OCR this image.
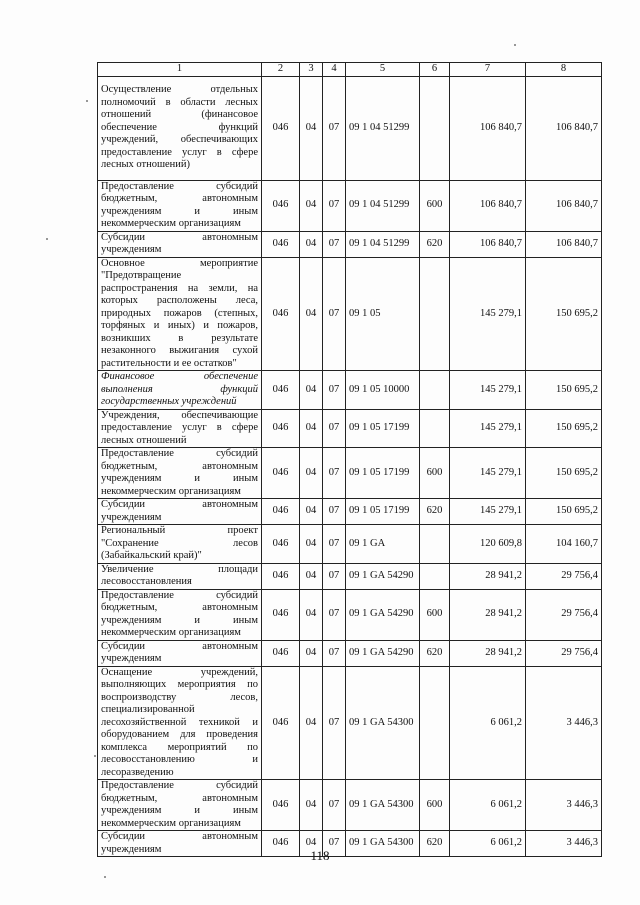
1	2	3	4	5	6	7	8
Осуществление отдельных полномочий в области лесных отношений (финансовое обеспечение функций учреждений, обеспечивающих предоставление услуг в сфере лесных отношений)	046	04	07	09 1 04 51299		106 840,7	106 840,7
Предоставление субсидий бюджетным, автономным учреждениям и иным некоммерческим организациям	046	04	07	09 1 04 51299	600	106 840,7	106 840,7
Субсидии автономным учреждениям	046	04	07	09 1 04 51299	620	106 840,7	106 840,7
Основное мероприятие "Предотвращение распространения на земли, на которых расположены леса, природных пожаров (степных, торфяных и иных) и пожаров, возникших в результате незаконного выжигания сухой растительности и ее остатков"	046	04	07	09 1 05		145 279,1	150 695,2
Финансовое обеспечение выполнения функций государственных учреждений	046	04	07	09 1 05 10000		145 279,1	150 695,2
Учреждения, обеспечивающие предоставление услуг в сфере лесных отношений	046	04	07	09 1 05 17199		145 279,1	150 695,2
Предоставление субсидий бюджетным, автономным учреждениям и иным некоммерческим организациям	046	04	07	09 1 05 17199	600	145 279,1	150 695,2
Субсидии автономным учреждениям	046	04	07	09 1 05 17199	620	145 279,1	150 695,2
Региональный проект "Сохранение лесов (Забайкальский край)"	046	04	07	09 1 GA		120 609,8	104 160,7
Увеличение площади лесовосстановления	046	04	07	09 1 GA 54290		28 941,2	29 756,4
Предоставление субсидий бюджетным, автономным учреждениям и иным некоммерческим организациям	046	04	07	09 1 GA 54290	600	28 941,2	29 756,4
Субсидии автономным учреждениям	046	04	07	09 1 GA 54290	620	28 941,2	29 756,4
Оснащение учреждений, выполняющих мероприятия по воспроизводству лесов, специализированной лесохозяйственной техникой и оборудованием для проведения комплекса мероприятий по лесовосстановлению и лесоразведению	046	04	07	09 1 GA 54300		6 061,2	3 446,3
Предоставление субсидий бюджетным, автономным учреждениям и иным некоммерческим организациям	046	04	07	09 1 GA 54300	600	6 061,2	3 446,3
Субсидии автономным учреждениям	046	04	07	09 1 GA 54300	620	6 061,2	3 446,3
118
